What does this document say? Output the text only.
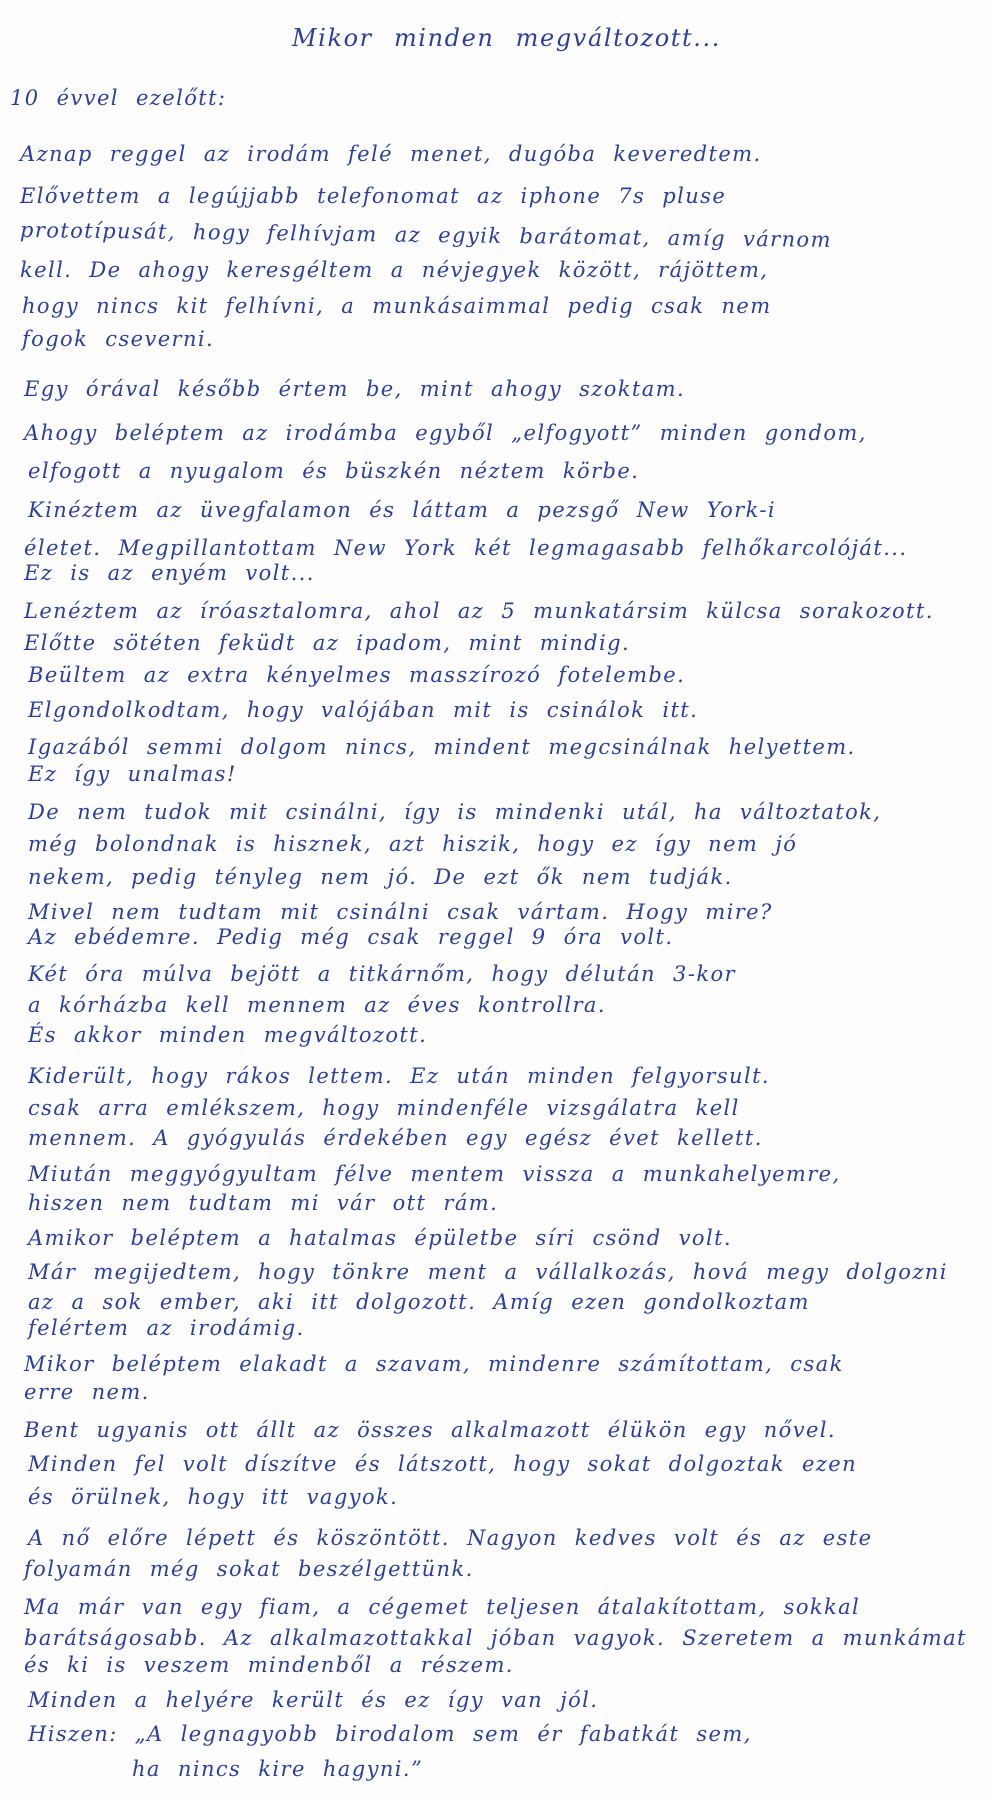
Mikor minden megváltozott...
10 évvel ezelőtt:
Aznap reggel az irodám felé menet, dugóba keveredtem.
Elővettem a legújjabb telefonomat az iphone 7s pluse
prototípusát, hogy felhívjam az egyik barátomat, amíg várnom
kell. De ahogy keresgéltem a névjegyek között, rájöttem,
hogy nincs kit felhívni, a munkásaimmal pedig csak nem
fogok cseverni.
Egy órával később értem be, mint ahogy szoktam.
Ahogy beléptem az irodámba egyből „elfogyott” minden gondom,
elfogott a nyugalom és büszkén néztem körbe.
Kinéztem az üvegfalamon és láttam a pezsgő New York-i
életet. Megpillantottam New York két legmagasabb felhőkarcolóját...
Ez is az enyém volt...
Lenéztem az íróasztalomra, ahol az 5 munkatársim külcsa sorakozott.
Előtte sötéten feküdt az ipadom, mint mindig.
Beültem az extra kényelmes masszírozó fotelembe.
Elgondolkodtam, hogy valójában mit is csinálok itt.
Igazából semmi dolgom nincs, mindent megcsinálnak helyettem.
Ez így unalmas!
De nem tudok mit csinálni, így is mindenki utál, ha változtatok,
még bolondnak is hisznek, azt hiszik, hogy ez így nem jó
nekem, pedig tényleg nem jó. De ezt ők nem tudják.
Mivel nem tudtam mit csinálni csak vártam. Hogy mire?
Az ebédemre. Pedig még csak reggel 9 óra volt.
Két óra múlva bejött a titkárnőm, hogy délután 3-kor
a kórházba kell mennem az éves kontrollra.
És akkor minden megváltozott.
Kiderült, hogy rákos lettem. Ez után minden felgyorsult.
csak arra emlékszem, hogy mindenféle vizsgálatra kell
mennem. A gyógyulás érdekében egy egész évet kellett.
Miután meggyógyultam félve mentem vissza a munkahelyemre,
hiszen nem tudtam mi vár ott rám.
Amikor beléptem a hatalmas épületbe síri csönd volt.
Már megijedtem, hogy tönkre ment a vállalkozás, hová megy dolgozni
az a sok ember, aki itt dolgozott. Amíg ezen gondolkoztam
felértem az irodámig.
Mikor beléptem elakadt a szavam, mindenre számítottam, csak
erre nem.
Bent ugyanis ott állt az összes alkalmazott élükön egy nővel.
Minden fel volt díszítve és látszott, hogy sokat dolgoztak ezen
és örülnek, hogy itt vagyok.
A nő előre lépett és köszöntött. Nagyon kedves volt és az este
folyamán még sokat beszélgettünk.
Ma már van egy fiam, a cégemet teljesen átalakítottam, sokkal
barátságosabb. Az alkalmazottakkal jóban vagyok. Szeretem a munkámat
és ki is veszem mindenből a részem.
Minden a helyére került és ez így van jól.
Hiszen: „A legnagyobb birodalom sem ér fabatkát sem,
ha nincs kire hagyni.”
